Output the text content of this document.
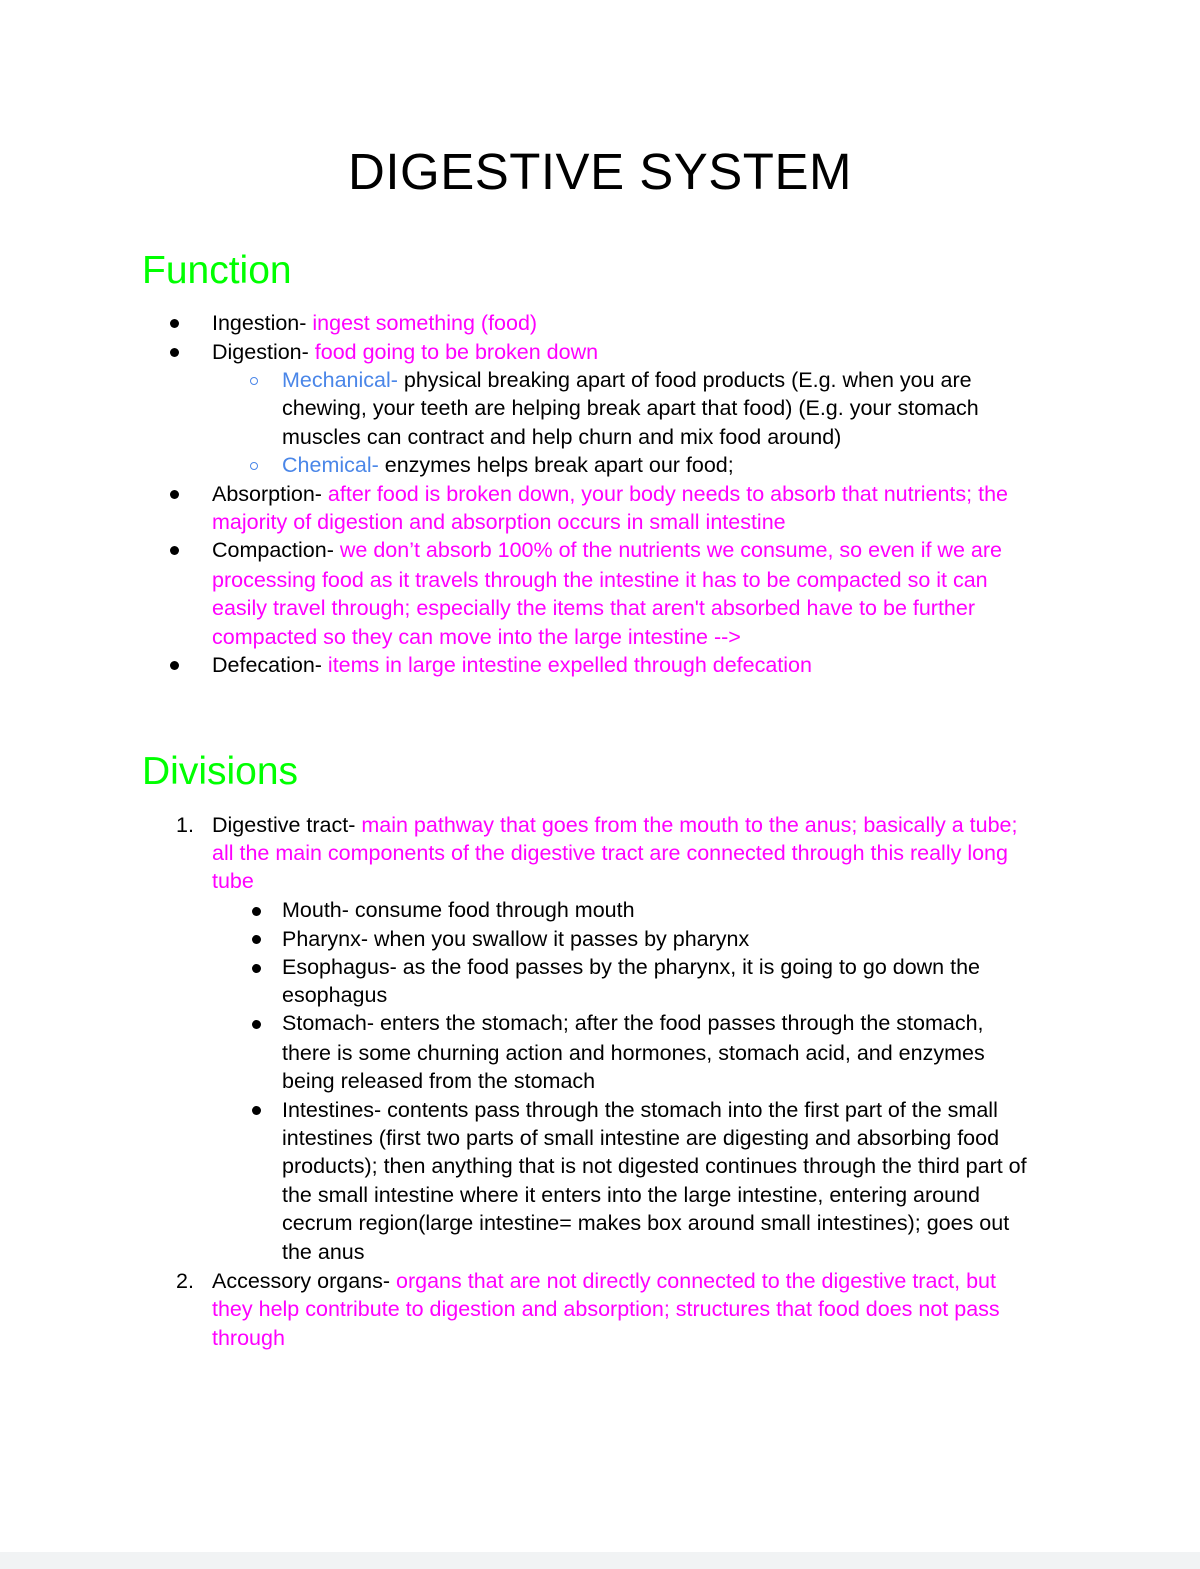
DIGESTIVE SYSTEM
Function
Ingestion- ingest something (food)
Digestion- food going to be broken down
Mechanical- physical breaking apart of food products (E.g. when you are
chewing, your teeth are helping break apart that food) (E.g. your stomach
muscles can contract and help churn and mix food around)
Chemical- enzymes helps break apart our food;
Absorption- after food is broken down, your body needs to absorb that nutrients; the
majority of digestion and absorption occurs in small intestine
Compaction- we don’t absorb 100% of the nutrients we consume, so even if we are
processing food as it travels through the intestine it has to be compacted so it can
easily travel through; especially the items that aren't absorbed have to be further
compacted so they can move into the large intestine -->
Defecation- items in large intestine expelled through defecation
Divisions
1. Digestive tract- main pathway that goes from the mouth to the anus; basically a tube;
all the main components of the digestive tract are connected through this really long
tube
Mouth- consume food through mouth
Pharynx- when you swallow it passes by pharynx
Esophagus- as the food passes by the pharynx, it is going to go down the
esophagus
Stomach- enters the stomach; after the food passes through the stomach,
there is some churning action and hormones, stomach acid, and enzymes
being released from the stomach
Intestines- contents pass through the stomach into the first part of the small
intestines (first two parts of small intestine are digesting and absorbing food
products); then anything that is not digested continues through the third part of
the small intestine where it enters into the large intestine, entering around
cecrum region(large intestine= makes box around small intestines); goes out
the anus
2. Accessory organs- organs that are not directly connected to the digestive tract, but
they help contribute to digestion and absorption; structures that food does not pass
through
